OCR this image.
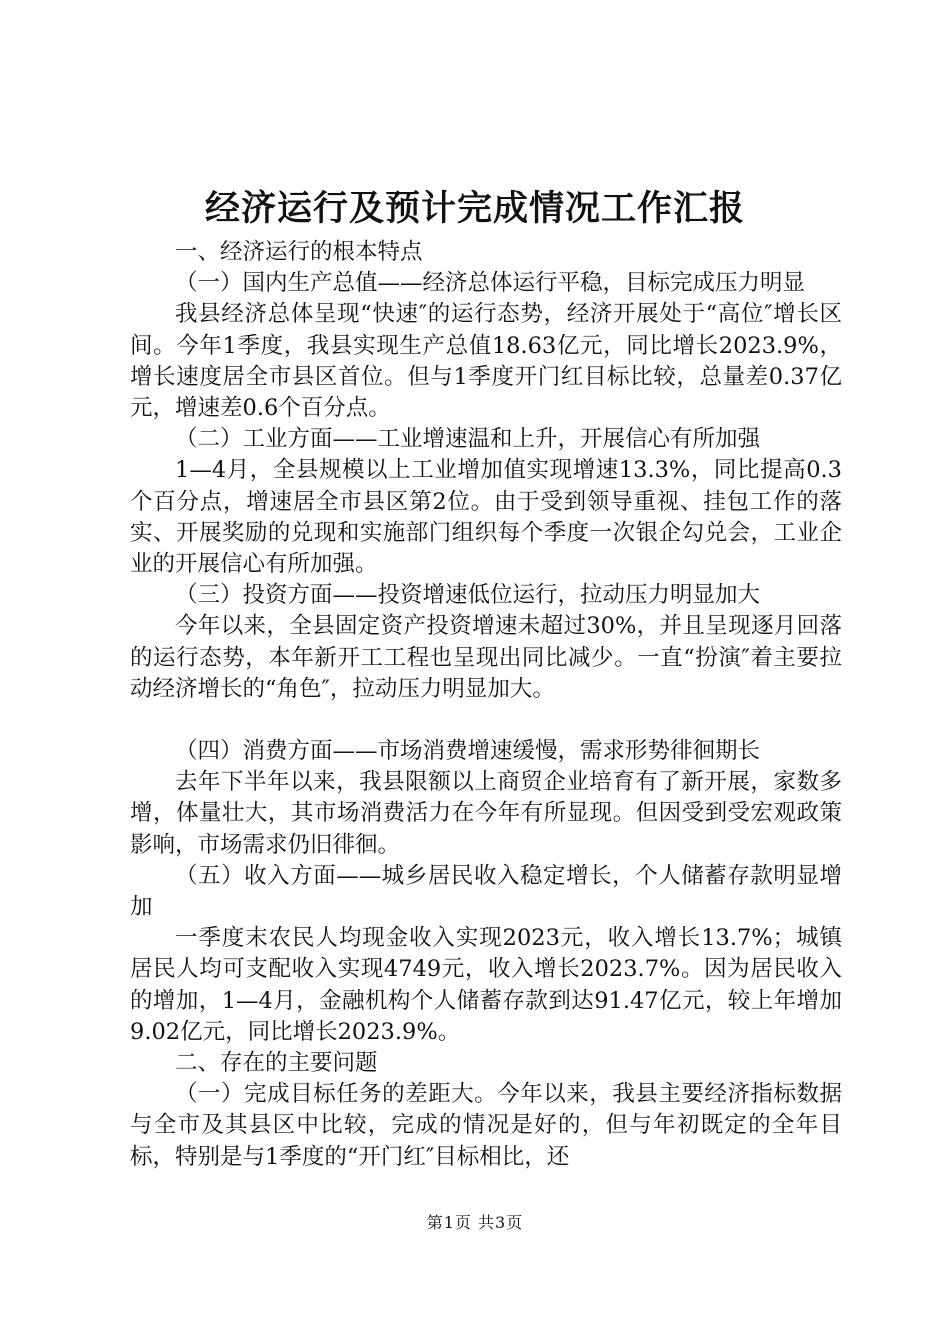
经济运行及预计完成情况工作汇报

一、经济运行的根本特点

（一）国内生产总值——经济总体运行平稳，目标完成压力明显

我县经济总体呈现“快速″的运行态势，经济开展处于“高位″增长区间。今年1季度，我县实现生产总值18.63亿元，同比增长2023.9%，增长速度居全市县区首位。但与1季度开门红目标比较，总量差0.37亿元，增速差0.6个百分点。

（二）工业方面——工业增速温和上升，开展信心有所加强

1—4月，全县规模以上工业增加值实现增速13.3%，同比提高0.3个百分点，增速居全市县区第2位。由于受到领导重视、挂包工作的落实、开展奖励的兑现和实施部门组织每个季度一次银企勾兑会，工业企业的开展信心有所加强。

（三）投资方面——投资增速低位运行，拉动压力明显加大

今年以来，全县固定资产投资增速未超过30%，并且呈现逐月回落的运行态势，本年新开工工程也呈现出同比减少。一直“扮演″着主要拉动经济增长的“角色″，拉动压力明显加大。

（四）消费方面——市场消费增速缓慢，需求形势徘徊期长

去年下半年以来，我县限额以上商贸企业培育有了新开展，家数多增，体量壮大，其市场消费活力在今年有所显现。但因受到受宏观政策影响，市场需求仍旧徘徊。

（五）收入方面——城乡居民收入稳定增长，个人储蓄存款明显增加

一季度末农民人均现金收入实现2023元，收入增长13.7%；城镇居民人均可支配收入实现4749元，收入增长2023.7%。因为居民收入的增加，1—4月，金融机构个人储蓄存款到达91.47亿元，较上年增加9.02亿元，同比增长2023.9%。

二、存在的主要问题

（一）完成目标任务的差距大。今年以来，我县主要经济指标数据与全市及其县区中比较，完成的情况是好的，但与年初既定的全年目标，特别是与1季度的“开门红″目标相比，还

第1页 共3页
